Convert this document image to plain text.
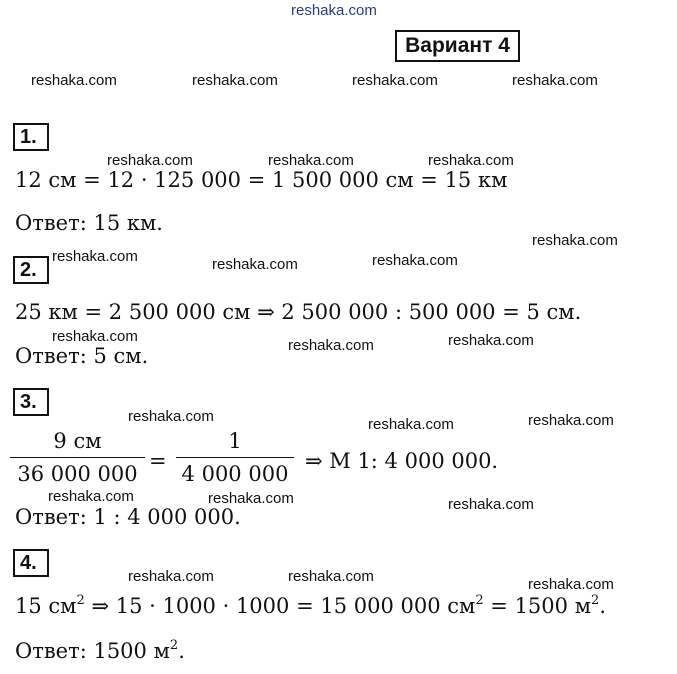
reshaka.com
Вариант 4
reshaka.com	reshaka.com	reshaka.com	reshaka.com
1.
reshaka.com	reshaka.com	reshaka.com
12 см = 12 · 125 000 = 1 500 000 см = 15 км
Ответ: 15 км.
reshaka.com
2.
reshaka.com	reshaka.com	reshaka.com
25 км = 2 500 000 см ⇒ 2 500 000 : 500 000 = 5 см.
reshaka.com
reshaka.com	reshaka.com
Ответ: 5 см.
3.
reshaka.com	reshaka.com	reshaka.com
9 см
36 000 000
=
1
4 000 000
⇒ M 1: 4 000 000.
reshaka.com	reshaka.com	reshaka.com
Ответ: 1 : 4 000 000.
4.
reshaka.com	reshaka.com	reshaka.com
15 $см^2$ ⇒ 15 · 1000 · 1000 = 15 000 000 $см^2 = 1500$ $м^2$.
Ответ: 1500 $м^2$.
